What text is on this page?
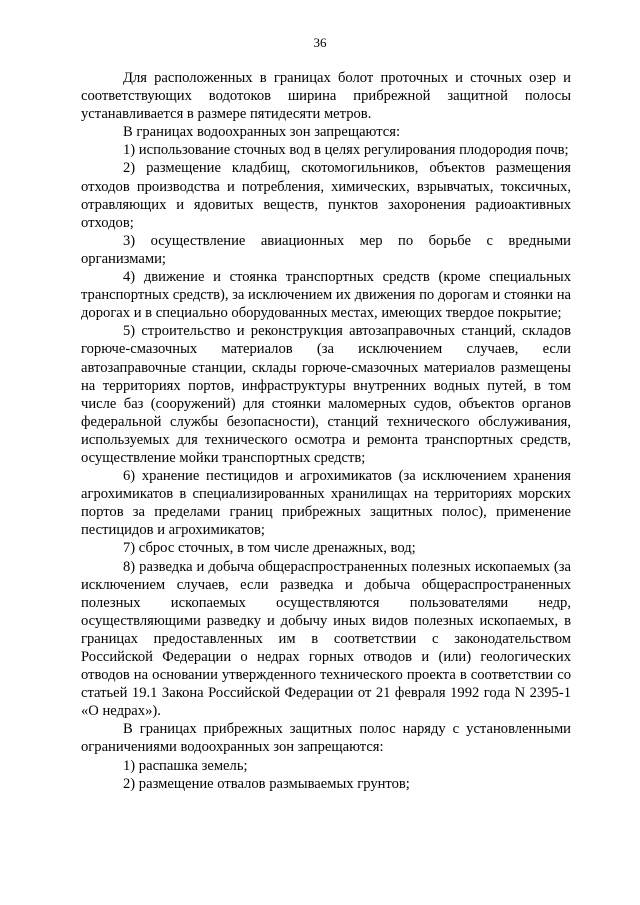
36

Для расположенных в границах болот проточных и сточных озер и соответствующих водотоков ширина прибрежной защитной полосы устанавливается в размере пятидесяти метров.

В границах водоохранных зон запрещаются:

1) использование сточных вод в целях регулирования плодородия почв;

2) размещение кладбищ, скотомогильников, объектов размещения отходов производства и потребления, химических, взрывчатых, токсичных, отравляющих и ядовитых веществ, пунктов захоронения радиоактивных отходов;

3) осуществление авиационных мер по борьбе с вредными организмами;

4) движение и стоянка транспортных средств (кроме специальных транспортных средств), за исключением их движения по дорогам и стоянки на дорогах и в специально оборудованных местах, имеющих твердое покрытие;

5) строительство и реконструкция автозаправочных станций, складов горюче-смазочных материалов (за исключением случаев, если автозаправочные станции, склады горюче-смазочных материалов размещены на территориях портов, инфраструктуры внутренних водных путей, в том числе баз (сооружений) для стоянки маломерных судов, объектов органов федеральной службы безопасности), станций технического обслуживания, используемых для технического осмотра и ремонта транспортных средств, осуществление мойки транспортных средств;

6) хранение пестицидов и агрохимикатов (за исключением хранения агрохимикатов в специализированных хранилищах на территориях морских портов за пределами границ прибрежных защитных полос), применение пестицидов и агрохимикатов;

7) сброс сточных, в том числе дренажных, вод;

8) разведка и добыча общераспространенных полезных ископаемых (за исключением случаев, если разведка и добыча общераспространенных полезных ископаемых осуществляются пользователями недр, осуществляющими разведку и добычу иных видов полезных ископаемых, в границах предоставленных им в соответствии с законодательством Российской Федерации о недрах горных отводов и (или) геологических отводов на основании утвержденного технического проекта в соответствии со статьей 19.1 Закона Российской Федерации от 21 февраля 1992 года N 2395-1 «О недрах»).

В границах прибрежных защитных полос наряду с установленными ограничениями водоохранных зон запрещаются:

1) распашка земель;

2) размещение отвалов размываемых грунтов;
